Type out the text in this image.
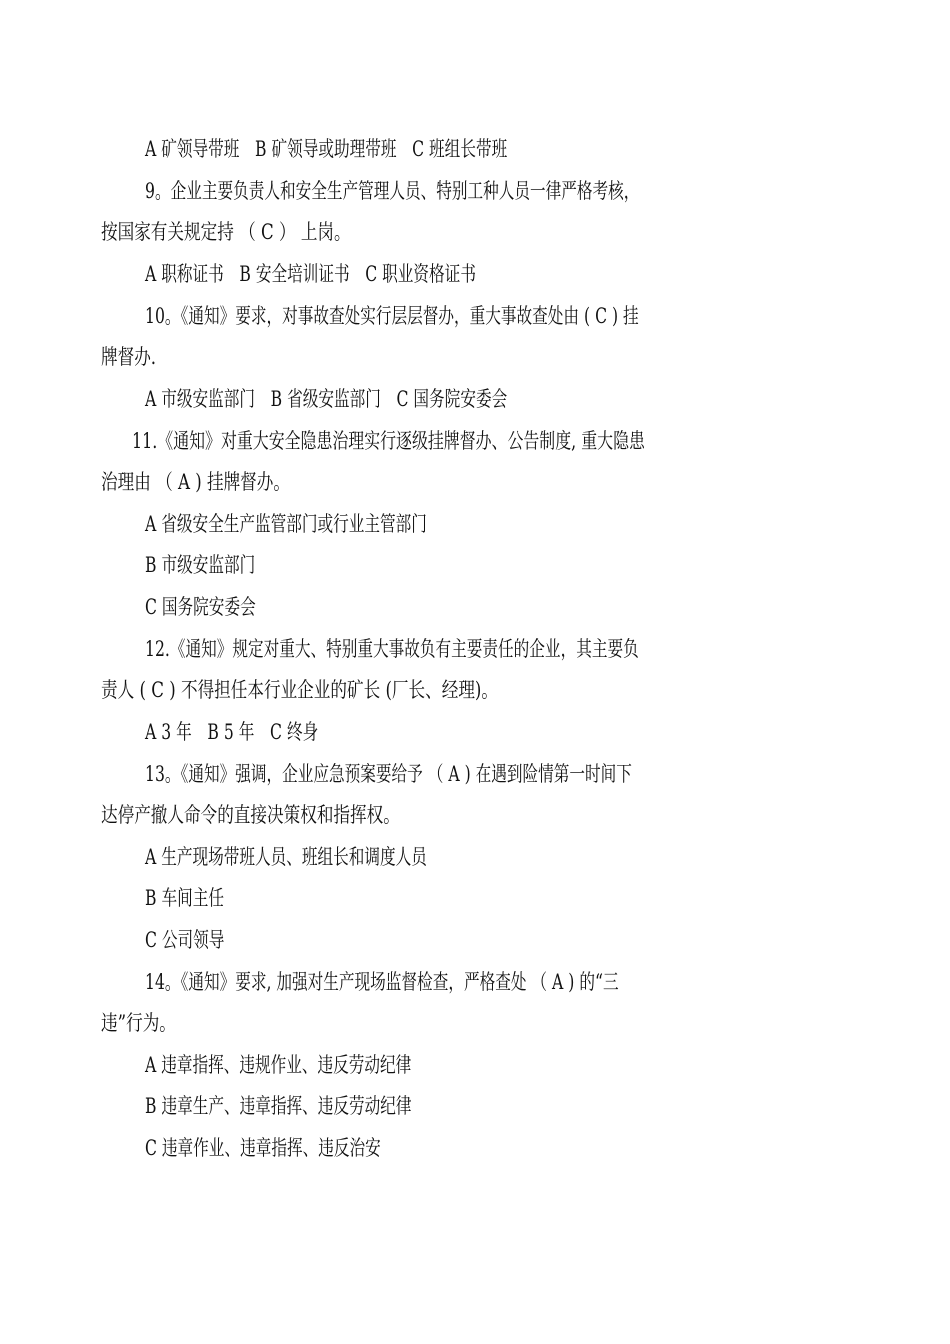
A 矿领导带班　B 矿领导或助理带班　C 班组长带班
9。企业主要负责人和安全生产管理人员、特别工种人员一律严格考核，
按国家有关规定持 （ C ） 上岗。
A 职称证书　B 安全培训证书　C 职业资格证书
10。《通知》要求，对事故查处实行层层督办，重大事故查处由 ( C ) 挂
牌督办.
A 市级安监部门　B 省级安监部门　C 国务院安委会
11.《通知》对重大安全隐患治理实行逐级挂牌督办、公告制度, 重大隐患
治理由 （ A ) 挂牌督办。
A 省级安全生产监管部门或行业主管部门
B 市级安监部门
C 国务院安委会
12.《通知》规定对重大、特别重大事故负有主要责任的企业，其主要负
责人 ( C ) 不得担任本行业企业的矿长 (厂长、经理)。
A 3 年　B 5 年　C 终身
13。《通知》强调，企业应急预案要给予 （ A ) 在遇到险情第一时间下
达停产撤人命令的直接决策权和指挥权。
A 生产现场带班人员、班组长和调度人员
B 车间主任
C 公司领导
14。《通知》要求, 加强对生产现场监督检查，严格查处 （ A ) 的“三
违”行为。
A 违章指挥、违规作业、违反劳动纪律
B 违章生产、违章指挥、违反劳动纪律
C 违章作业、违章指挥、违反治安
